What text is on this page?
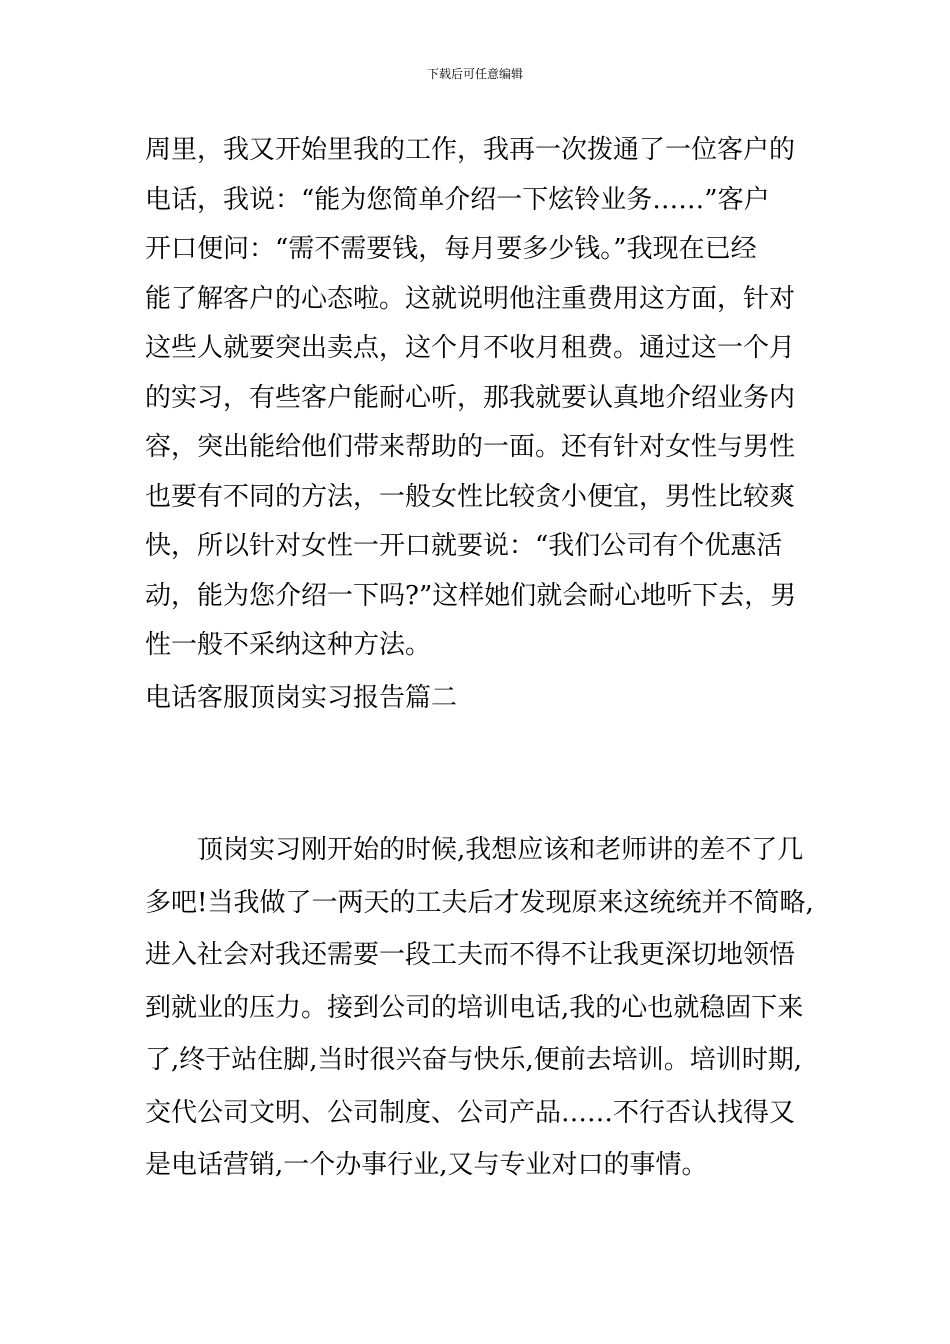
下载后可任意编辑
周里，我又开始里我的工作，我再一次拨通了一位客户的
电话，我说：“能为您简单介绍一下炫铃业务……”客户
开口便问：“需不需要钱，每月要多少钱。”我现在已经
能了解客户的心态啦。这就说明他注重费用这方面，针对
这些人就要突出卖点，这个月不收月租费。通过这一个月
的实习，有些客户能耐心听，那我就要认真地介绍业务内
容，突出能给他们带来帮助的一面。还有针对女性与男性
也要有不同的方法，一般女性比较贪小便宜，男性比较爽
快，所以针对女性一开口就要说：“我们公司有个优惠活
动，能为您介绍一下吗?”这样她们就会耐心地听下去，男
性一般不采纳这种方法。
电话客服顶岗实习报告篇二
　　顶岗实习刚开始的时候,我想应该和老师讲的差不了几
多吧!当我做了一两天的工夫后才发现原来这统统并不简略,
进入社会对我还需要一段工夫而不得不让我更深切地领悟
到就业的压力。接到公司的培训电话,我的心也就稳固下来
了,终于站住脚,当时很兴奋与快乐,便前去培训。培训时期,
交代公司文明、公司制度、公司产品……不行否认找得又
是电话营销,一个办事行业,又与专业对口的事情。
